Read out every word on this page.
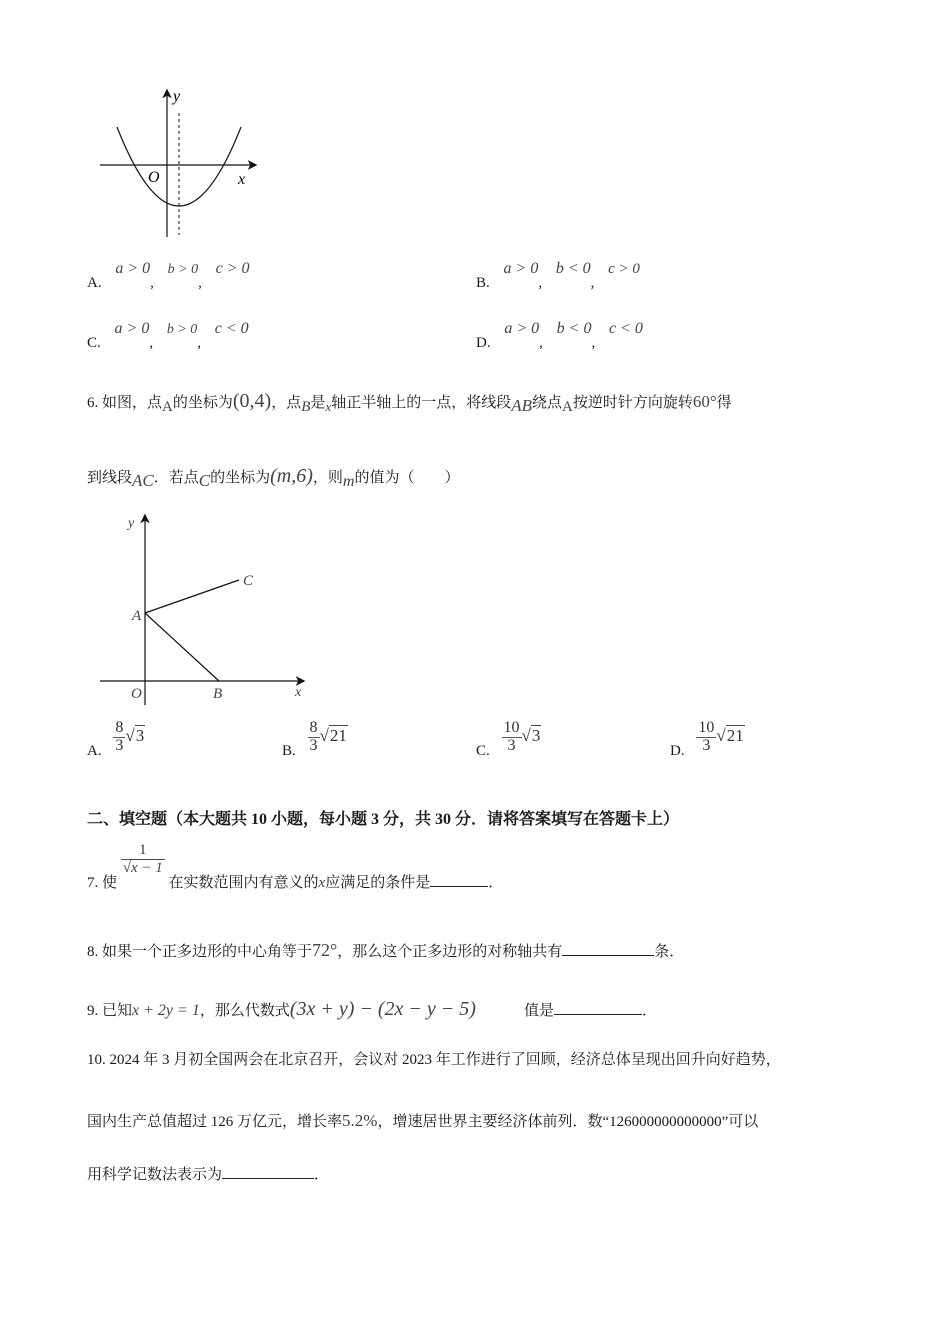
y
x
O
A. a > 0, b > 0, c > 0
B. a > 0, b < 0, c > 0
C. a > 0, b > 0, c < 0
D. a > 0, b < 0, c < 0
6. 如图，点A的坐标为(0,4)，点B是x轴正半轴上的一点，将线段AB绕点A按逆时针方向旋转60°得
到线段AC．若点C的坐标为(m,6)，则m的值为（　　）
y
x
O
A
B
C
A. $\frac{8}{3} √3$
B. $\frac{8}{3} √21$
C. $\frac{10}{3} √3$
D. $\frac{10}{3} √21$
二、填空题（本大题共 10 小题，每小题 3 分，共 30 分．请将答案填写在答题卡上）
7. 使
$\frac{1}{√x - 1}$
在实数范围内有意义的x应满足的条件是	．
8. 如果一个正多边形的中心角等于72°，那么这个正多边形的对称轴共有	条．
9. 已知x + 2y = 1，那么代数式(3x + y) − (2x − y − 5)	值是	．
10. 2024 年 3 月初全国两会在北京召开，会议对 2023 年工作进行了回顾，经济总体呈现出回升向好趋势，
国内生产总值超过 126 万亿元，增长率5.2%，增速居世界主要经济体前列．数“126000000000000”可以
用科学记数法表示为	．
